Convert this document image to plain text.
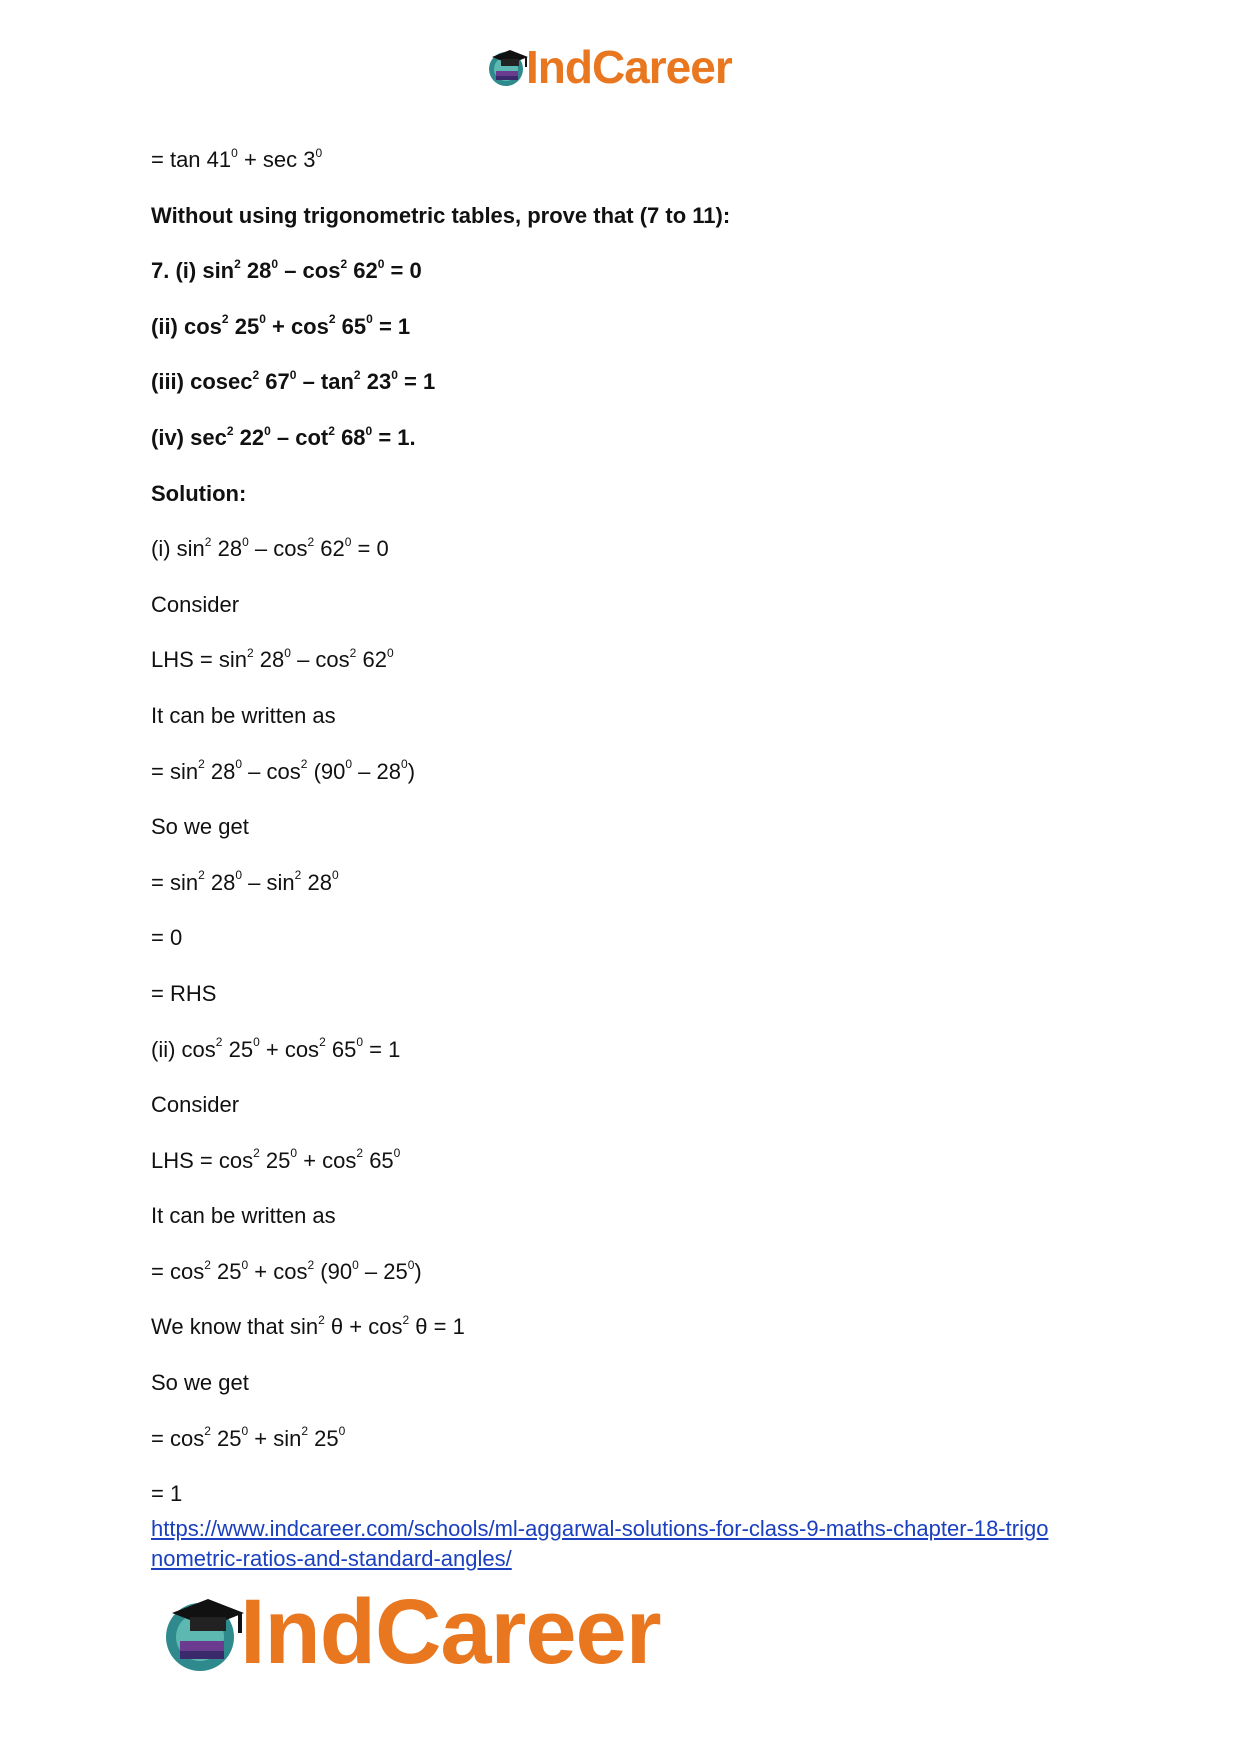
IndCareer
= $\tan 41^0 + \sec 3^0$
Without using trigonometric tables, prove that (7 to 11):
7. (i) $\sin^2 28^0 - \cos^2 62^0 = 0$
(ii) $\cos^2 25^0 + \cos^2 65^0 = 1$
(iii) cosec$^2$ $67^0 - \tan^2 23^0 = 1$
(iv) $\sec^2 22^0 - \cot^2 68^0 = 1$.
Solution:
(i) $\sin^2 28^0 - \cos^2 62^0 = 0$
Consider
LHS = $\sin^2 28^0 - \cos^2 62^0$
It can be written as
= $\sin^2 28^0 - \cos^2 (90^0 - 28^0)$
So we get
= $\sin^2 28^0 - \sin^2 28^0$
= 0
= RHS
(ii) $\cos^2 25^0 + \cos^2 65^0 = 1$
Consider
LHS = $\cos^2 25^0 + \cos^2 65^0$
It can be written as
= $\cos^2 25^0 + \cos^2 (90^0 - 25^0)$
We know that $\sin^2 \theta + \cos^2 \theta = 1$
So we get
= $\cos^2 25^0 + \sin^2 25^0$
= 1
https://www.indcareer.com/schools/ml-aggarwal-solutions-for-class-9-maths-chapter-18-trigo
nometric-ratios-and-standard-angles/
IndCareer
